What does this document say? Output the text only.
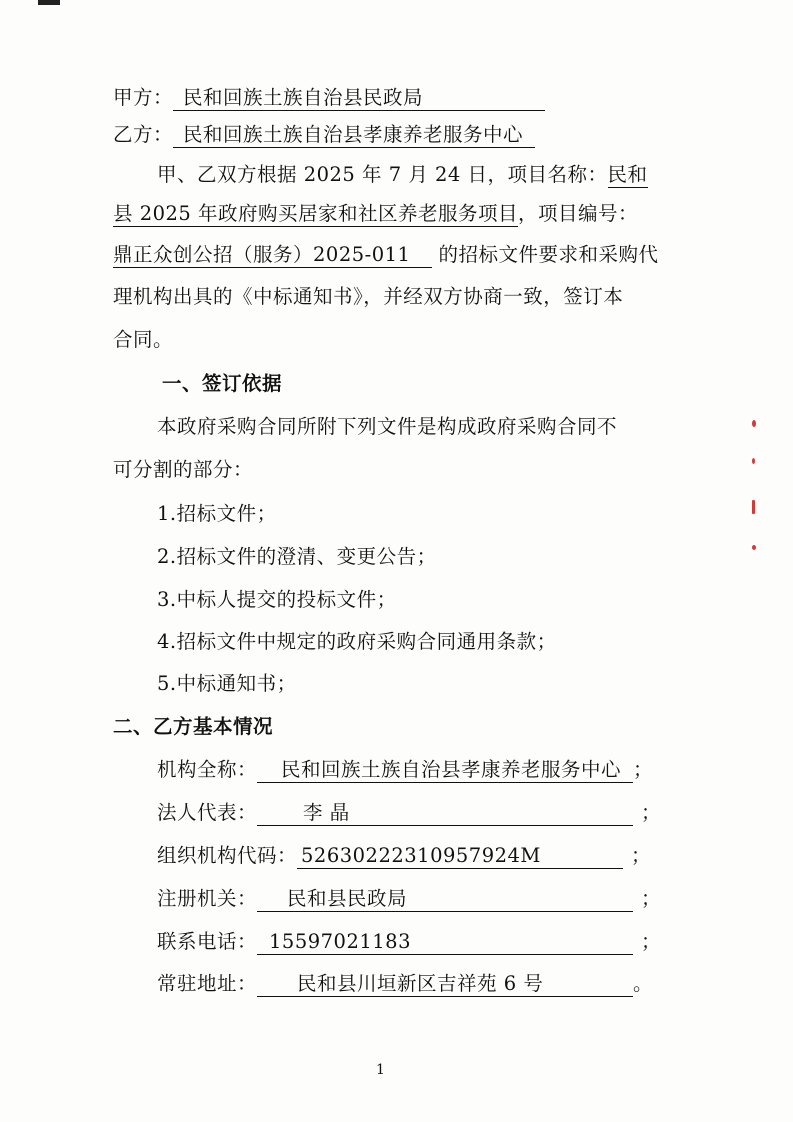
甲方： 民和回族土族自治县民政局
乙方： 民和回族土族自治县孝康养老服务中心
甲、乙双方根据 2025 年 7 月 24 日，项目名称：民和
县 2025 年政府购买居家和社区养老服务项目，项目编号：
鼎正众创公招（服务）2025-011 的招标文件要求和采购代
理机构出具的《中标通知书》，并经双方协商一致，签订本
合同。
一、签订依据
本政府采购合同所附下列文件是构成政府采购合同不
可分割的部分：
1.招标文件；
2.招标文件的澄清、变更公告；
3.中标人提交的投标文件；
4.招标文件中规定的政府采购合同通用条款；
5.中标通知书；
二、乙方基本情况
机构全称： 民和回族土族自治县孝康养老服务中心 ；
法人代表： 李 晶	；
组织机构代码： 52630222310957924M	；
注册机关： 民和县民政局	；
联系电话： 15597021183	；
常驻地址： 民和县川垣新区吉祥苑 6 号	。
1
